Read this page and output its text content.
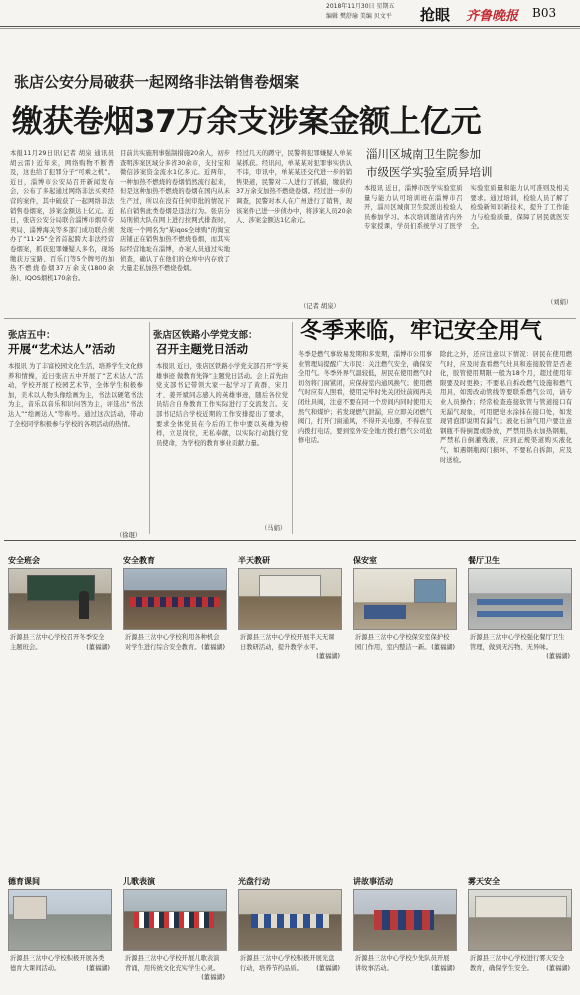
2018年11月30日 星期五
编辑 樊舒瑜 美编 贝文平 抢眼 齐鲁晚报 B03
张店公安分局破获一起网络非法销售卷烟案
缴获卷烟37万余支涉案金额上亿元
本报11月29日讯(记者 胡泉 通讯员 胡云雷) 近年来，网络购物不断普及，这也给了犯罪分子“可乘之机”。近日，淄博市公安局召开新闻发布会，公布了多起通过网络非法买卖经营的案件，其中破获了一起网络非法销售卷烟案，涉案金额达上亿元。近日，张店公安分局联合淄博市烟草专卖局、淄博海关等多部门成功联合侦办了“11·25”全省首起跨大非法经营卷烟案，抓获犯罪嫌疑人多名，现场缴获万宝路、百乐门等5个牌号的加热不燃烧卷烟37万余支(1800余条)、IQOS烟机170余台。
目前共实施刑事强制措施20余人，初步查明涉案区域分多省30余市，支付宝和微信涉案资金流水1亿多元。近两年，一种加热不燃烧的卷烟悄然流行起来，但是这种加热不燃烧的卷烟在国内从未生产过，所以在没有任何审批的情况下私自销售此类卷烟是违法行为。张店分局刑侦大队在网上进行拉网式排查时，发现一个网名为“某iqos全球购”的淘宝店铺正在销售加热不燃烧卷烟，而其实际经营地址在淄博，办案人员通过实地侦查，确认了在他们的仓库中内存放了大量走私加热不燃烧卷烟。
经过几天的蹲守，民警将犯罪嫌疑人单某某抓获。经讯问，单某某对犯罪事实供认不讳，审讯中，单某某还交代进一步的销售渠道，民警对二人进行了抓捕，缴获约37万余支加热不燃烧卷烟。经过进一步的调查，民警对本人在广州进行了销售，现该案件已进一步侦办中，将涉案人员20余人、涉案金额达1亿余元。
（记者 胡泉）
淄川区城南卫生院参加
市级医学实验室质异培训
本报讯 近日，淄博市医学实验室质量与能力认可培训班在淄博市召开，淄川区城南卫生院派出检验人员参加学习。本次培训邀请省内外专家授课，学员们系统学习了医学实验室质量和能力认可准则及相关要求。通过培训，检验人员了解了检验新知识新技术，提升了工作能力与检验质量，保障了居民就医安全。
（刘娟）
张店五中：
开展“艺术达人”活动
本报讯 为了丰富校园文化生活，培养学生文化修养和情操，近日张店五中开展了“艺术达人”活动，学校开展了校园艺术节，全体学生积极参加，美术以人物头像绘画为主，书法以硬笔书法为主，音乐以音乐和识问答为主，评选出“书法达人”“绘画达人”等称号。通过这次活动，带动了全校同学积极参与学校的各项活动的热情。
（徐琨）
张店区铁路小学党支部：
召开主题党日活动
本报讯 近日，张店区铁路小学党支部召开“学英雄事迹 做教育先锋”主题党日活动。会上首先由党支部书记带领大家一起学习了黄群、宋月才、姜开斌同志感人的英雄事迹，随后各位党员结合自身教育工作实际进行了交流发言。支部书记结合学校近期的工作安排提出了要求，要求全体党员在今后的工作中要以英雄为榜样，立足岗位，无私奉献，以实际行动践行党员使命，为学校的教育事业贡献力量。
（马娟）
冬季来临，牢记安全用气
冬季是燃气事故易发期和多发期，淄博市公用事业管理局提醒广大市民：关注燃气安全，确保安全用气。冬季外界气温较低，居民在使用燃气时切勿将门窗紧闭，应保持室内通风换气；使用燃气时应有人照看，使用完毕时先关闭灶前阀再关闭灶具阀，注意不要在同一个房间内同时使用天然气和煤炉；若发现燃气泄漏，应立即关闭燃气阀门，打开门窗通风，不得开关电器，不得在室内拨打电话，要到室外安全地方拨打燃气公司抢修电话。
除此之外，还应注意以下情况：居民在使用燃气时，应及时查看燃气灶具和连接胶管是否老化，胶管使用期限一般为18个月，超过使用年限要及时更换；不要私自拆改燃气设施和燃气用具，如需改动管线等要联系燃气公司，请专业人员操作；经常检查连接软管与管道接口有无漏气现象，可用肥皂水涂抹在接口处，如发现冒泡即说明有漏气；液化石油气用户要注意钢瓶不得倒置或卧放，严禁用热水加热钢瓶，严禁私自倒灌残液，应到正规渠道购买液化气，如遇钢瓶阀门损坏，不要私自拆卸，应及时送检。
安全班会
沂源县三岔中心学校召开冬季安全主题班会。	(董福湖)
安全教育
沂源县三岔中心学校利用各种机会对学生进行综合安全教育。 (董福湖)
半天教研
沂源县三岔中心学校开展半天无课日教研活动，提升教学水平。
(董福湖)
保安室
沂源县三岔中心学校保安室保护校园门作用，室内整洁一新。 (董福湖)
餐厅卫生
沂源县三岔中心学校强化餐厅卫生管理，做到无污物、无异味。
(董福湖)
德育课间
沂源县三岔中心学校积极开展各类德育大课间活动。	(董福湖)
儿歌表演
沂源县三岔中心学校开展儿歌表演背诵，用传统文化充实学生心灵。
(董福湖)
光盘行动
沂源县三岔中心学校积极开展光盘行动，培养节约品质。 (董福湖)
讲故事活动
沂源县三岔中心学校少先队员开展讲故事活动。	(董福湖)
雾天安全
沂源县三岔中心学校进行雾天安全教育，确保学生安全。 (董福湖)
